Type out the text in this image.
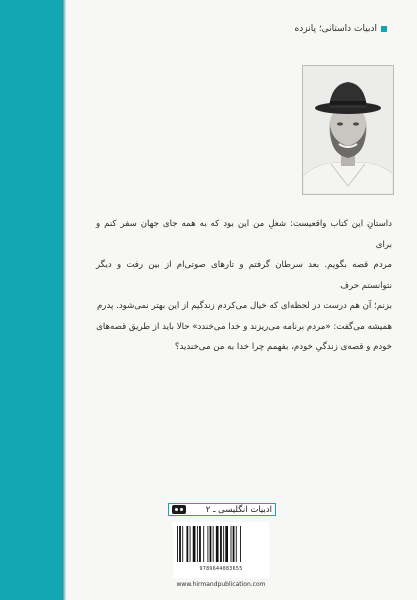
ادبیات داستانی؛ پانزده

داستانِ این کتاب واقعیست: شغلِ من این بود که به همه جای جهان سفر کنم و برای

مردم قصه بگویم. بعد سرطان گرفتم و تارهای صوتی‌ام از بین رفت و دیگر نتوانستم حرف

بزنم؛ آن هم درست در لحظه‌ای که خیال می‌کردم زندگیم از این بهتر نمی‌شود. پدرم

همیشه می‌گفت: «مردم برنامه می‌ریزند و خدا می‌خندد» حالا باید از طریق قصه‌های

خودم و قصه‌ی زندگیِ خودم، بفهمم چرا خدا به من می‌خندید؟

ادبیات انگلیسی ـ ۲
9789644083655
www.hirmandpublication.com
